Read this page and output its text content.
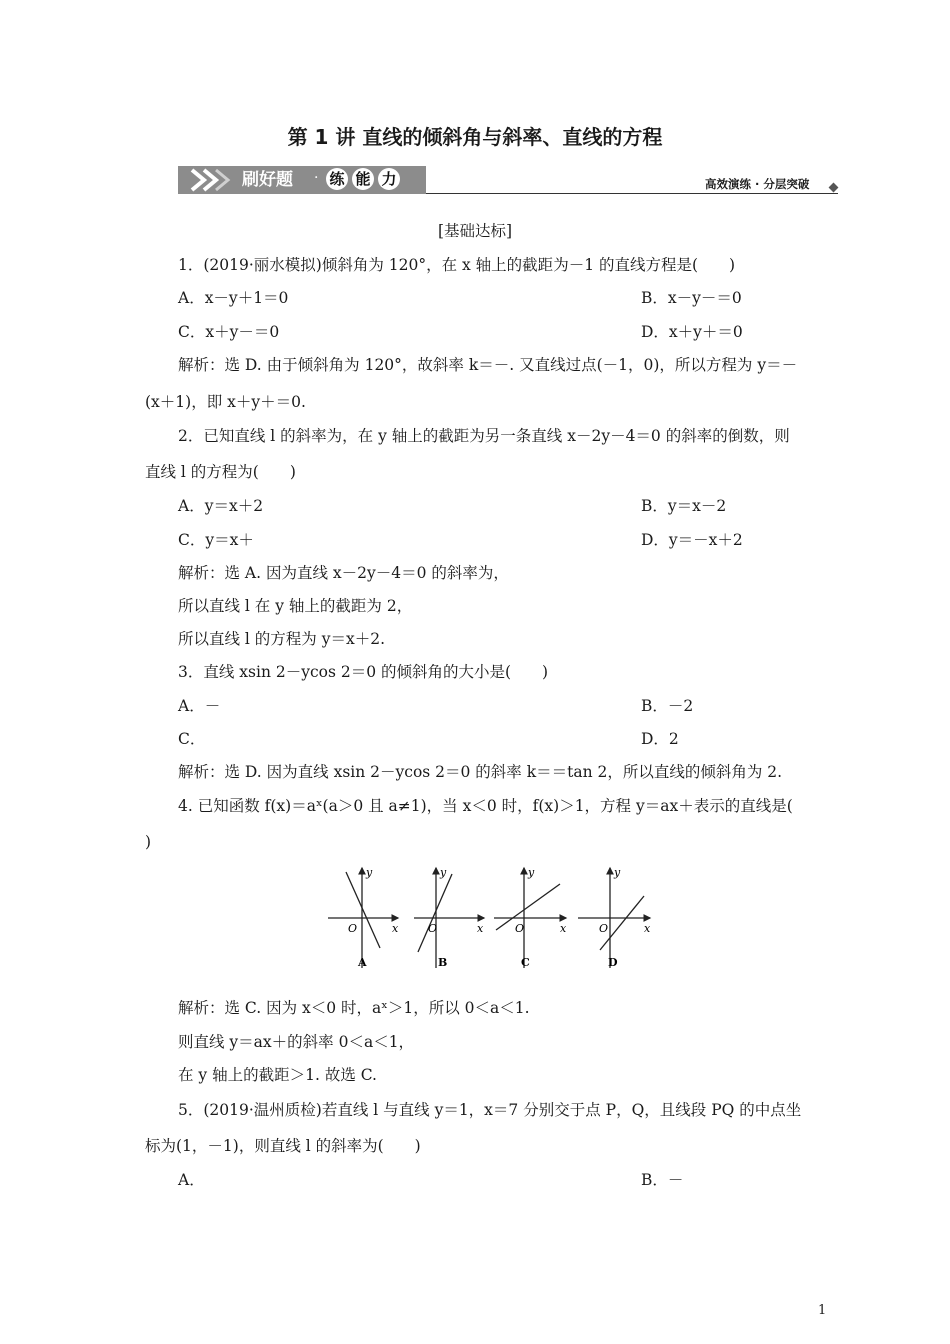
第 1 讲 直线的倾斜角与斜率、直线的方程
刷好题 · 练 能 力	高效演练 · 分层突破
[基础达标]
1．(2019·丽水模拟)倾斜角为 120°，在 x 轴上的截距为－1 的直线方程是(　　)
A．x－y＋1＝0	B．x－y－＝0
C．x＋y－＝0	D．x＋y＋＝0
解析：选 D. 由于倾斜角为 120°，故斜率 k＝－. 又直线过点(－1，0)，所以方程为 y＝－
(x＋1)，即 x＋y＋＝0.
2．已知直线 l 的斜率为，在 y 轴上的截距为另一条直线 x－2y－4＝0 的斜率的倒数，则
直线 l 的方程为(　　)
A．y＝x＋2	B．y＝x－2
C．y＝x＋	D．y＝－x＋2
解析：选 A. 因为直线 x－2y－4＝0 的斜率为，
所以直线 l 在 y 轴上的截距为 2，
所以直线 l 的方程为 y＝x＋2.
3．直线 xsin 2－ycos 2＝0 的倾斜角的大小是(　　)
A．－	B．－2
C．	D．2
解析：选 D. 因为直线 xsin 2－ycos 2＝0 的斜率 k＝＝tan 2，所以直线的倾斜角为 2.
4. 已知函数 f(x)＝aˣ(a＞0 且 a≠1)，当 x＜0 时，f(x)＞1，方程 y＝ax＋表示的直线是(
)
y
x
O
A
y
x
O
B
y
x
O
C
y
x
O
D
解析：选 C. 因为 x＜0 时，aˣ＞1，所以 0＜a＜1.
则直线 y＝ax＋的斜率 0＜a＜1，
在 y 轴上的截距＞1. 故选 C.
5．(2019·温州质检)若直线 l 与直线 y＝1，x＝7 分别交于点 P，Q，且线段 PQ 的中点坐
标为(1，－1)，则直线 l 的斜率为(　　)
A．	B．－
1
